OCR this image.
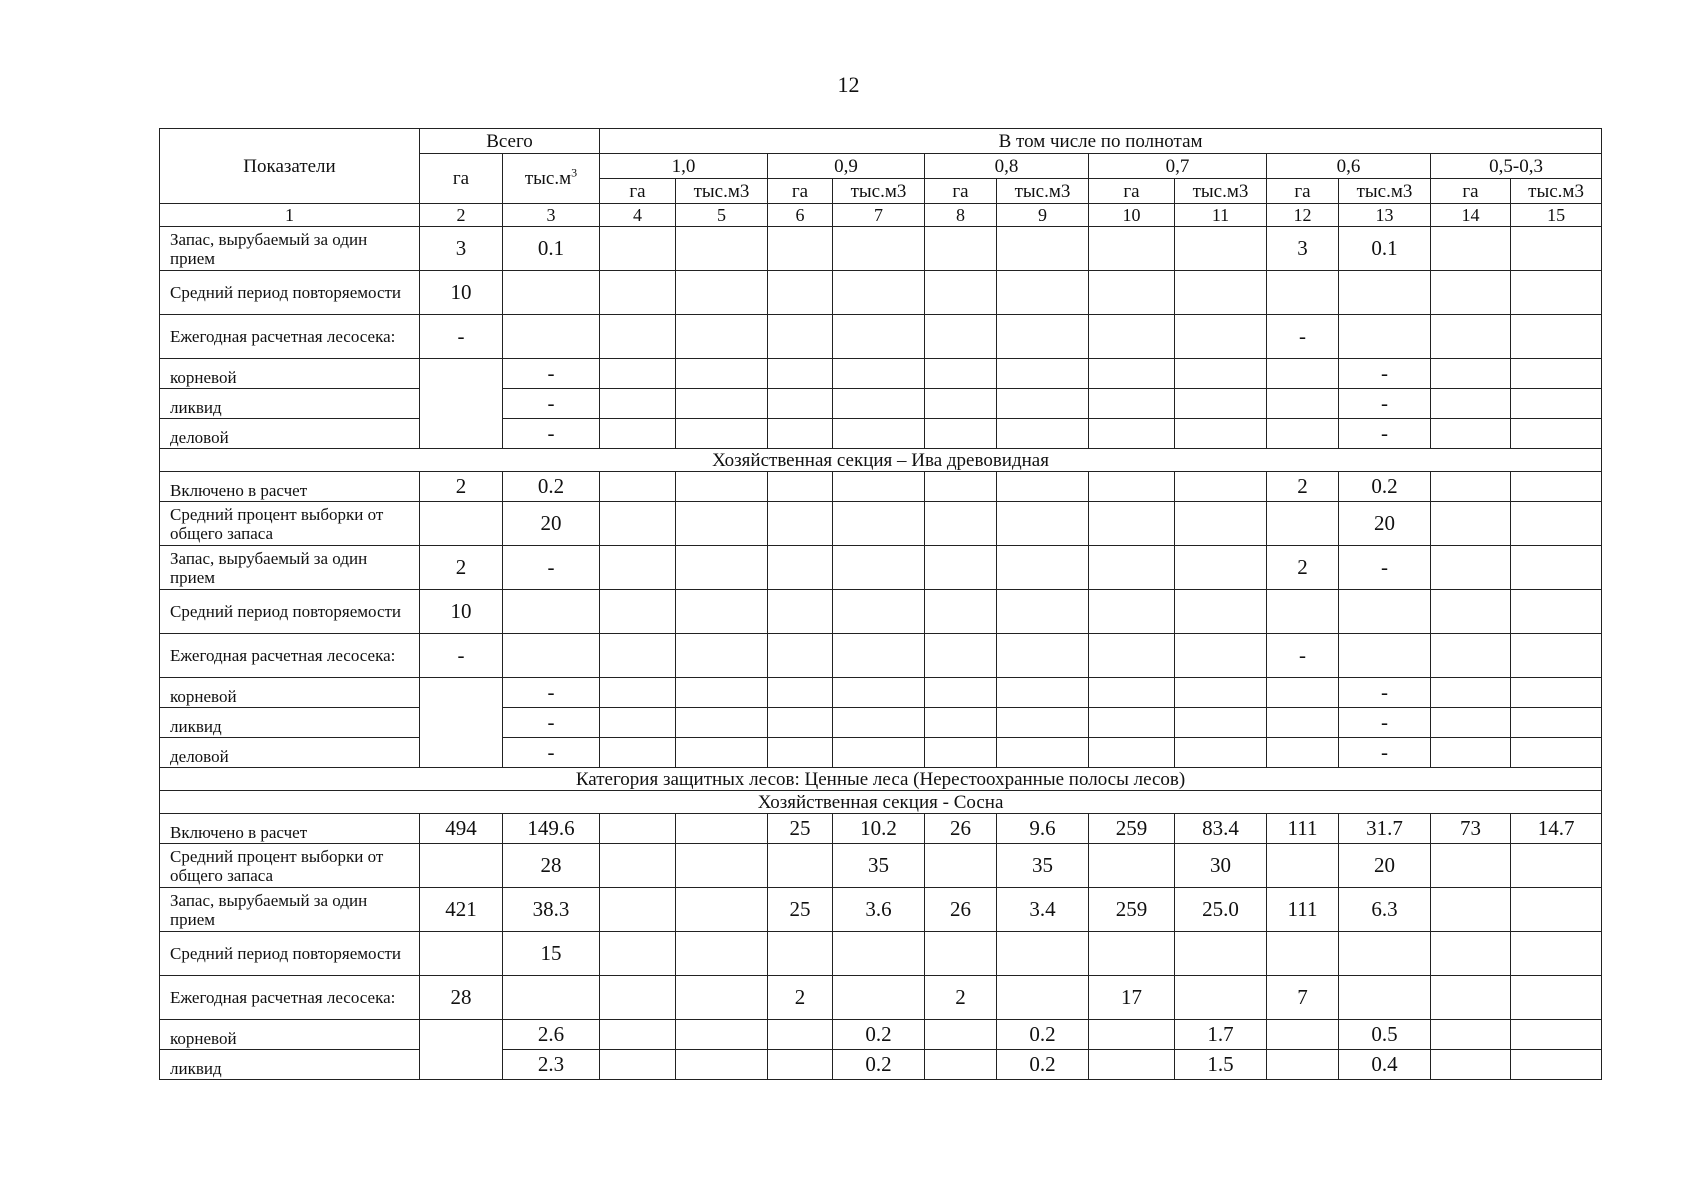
12
Показатели	Всего		В том числе по полнотам											
	га	$тыс.м^3$	1,0		0,9		0,8		0,7		0,6		0,5-0,3	
			га	тыс.м3	га	тыс.м3	га	тыс.м3	га	тыс.м3	га	тыс.м3	га	тыс.м3
1	2	3	4	5	6	7	8	9	10	11	12	13	14	15
Запас, вырубаемый за один прием	3	0.1									3	0.1		
Средний период повторяемости	10													
Ежегодная расчетная лесосека:	-										-			
корневой		-										-		
ликвид		-										-		
деловой		-										-		
Хозяйственная секция – Ива древовидная														
Включено в расчет	2	0.2									2	0.2		
Средний процент выборки от общего запаса		20										20		
Запас, вырубаемый за один прием	2	-									2	-		
Средний период повторяемости	10													
Ежегодная расчетная лесосека:	-										-			
корневой		-										-		
ликвид		-										-		
деловой		-										-		
Категория защитных лесов: Ценные леса (Нерестоохранные полосы лесов)														
Хозяйственная секция - Сосна														
Включено в расчет	494	149.6			25	10.2	26	9.6	259	83.4	111	31.7	73	14.7
Средний процент выборки от общего запаса		28				35		35		30		20		
Запас, вырубаемый за один прием	421	38.3			25	3.6	26	3.4	259	25.0	111	6.3		
Средний период повторяемости		15												
Ежегодная расчетная лесосека:	28				2		2		17		7			
корневой		2.6				0.2		0.2		1.7		0.5		
ликвид		2.3				0.2		0.2		1.5		0.4		
